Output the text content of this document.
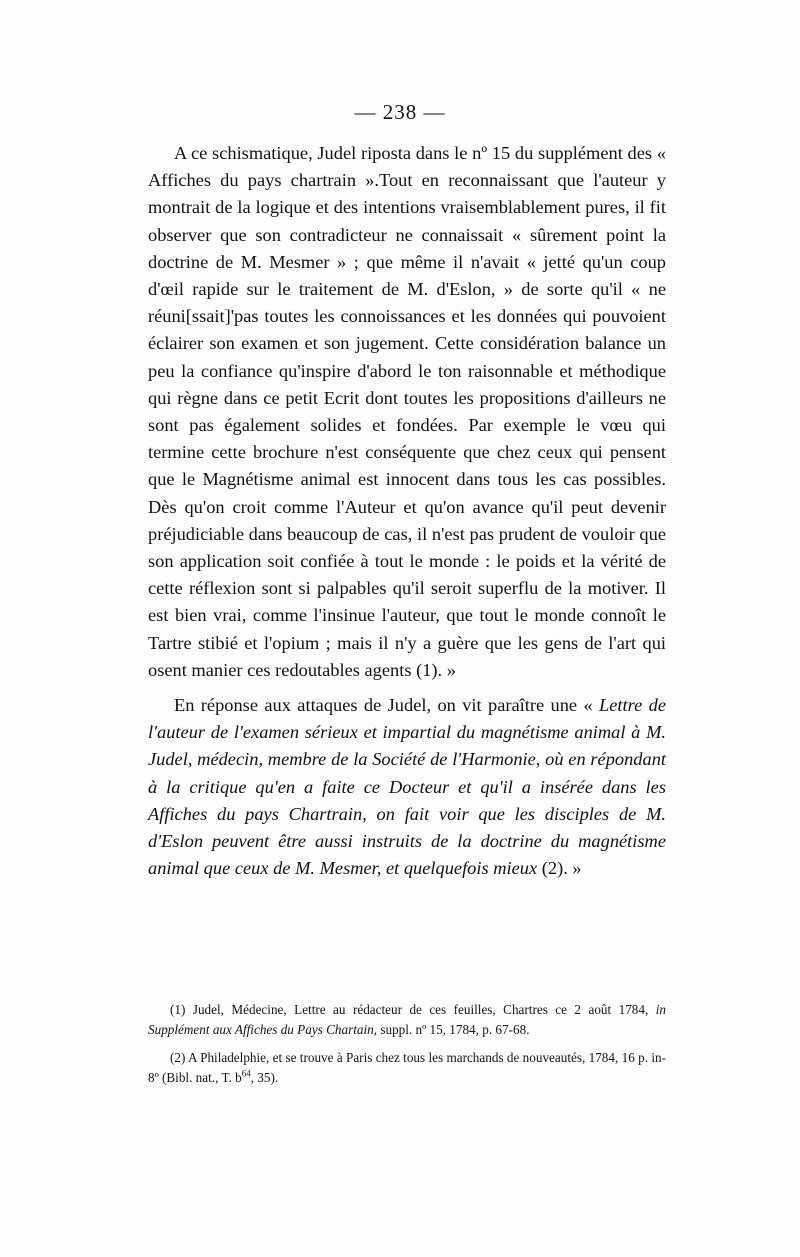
— 238 —

A ce schismatique, Judel riposta dans le nº 15 du supplément des « Affiches du pays chartrain ».Tout en reconnaissant que l'auteur y montrait de la logique et des intentions vraisemblablement pures, il fit observer que son contradicteur ne connaissait « sûrement point la doctrine de M. Mesmer » ; que même il n'avait « jetté qu'un coup d'œil rapide sur le traitement de M. d'Eslon, » de sorte qu'il « ne réuni[ssait]'pas toutes les connoissances et les données qui pouvoient éclairer son examen et son jugement. Cette considération balance un peu la confiance qu'inspire d'abord le ton raisonnable et méthodique qui règne dans ce petit Ecrit dont toutes les propositions d'ailleurs ne sont pas également solides et fondées. Par exemple le vœu qui termine cette brochure n'est conséquente que chez ceux qui pensent que le Magnétisme animal est innocent dans tous les cas possibles. Dès qu'on croit comme l'Auteur et qu'on avance qu'il peut devenir préjudiciable dans beaucoup de cas, il n'est pas prudent de vouloir que son application soit confiée à tout le monde : le poids et la vérité de cette réflexion sont si palpables qu'il seroit superflu de la motiver. Il est bien vrai, comme l'insinue l'auteur, que tout le monde connoît le Tartre stibié et l'opium ; mais il n'y a guère que les gens de l'art qui osent manier ces redoutables agents (1). »

En réponse aux attaques de Judel, on vit paraître une « Lettre de l'auteur de l'examen sérieux et impartial du magnétisme animal à M. Judel, médecin, membre de la Société de l'Harmonie, où en répondant à la critique qu'en a faite ce Docteur et qu'il a insérée dans les Affiches du pays Chartrain, on fait voir que les disciples de M. d'Eslon peuvent être aussi instruits de la doctrine du magnétisme animal que ceux de M. Mesmer, et quelquefois mieux (2). »

(1) Judel, Médecine, Lettre au rédacteur de ces feuilles, Chartres ce 2 août 1784, in Supplément aux Affiches du Pays Chartain, suppl. nº 15, 1784, p. 67-68.

(2) A Philadelphie, et se trouve à Paris chez tous les marchands de nouveautés, 1784, 16 p. in-8º (Bibl. nat., T. $b^{64}$, 35).
